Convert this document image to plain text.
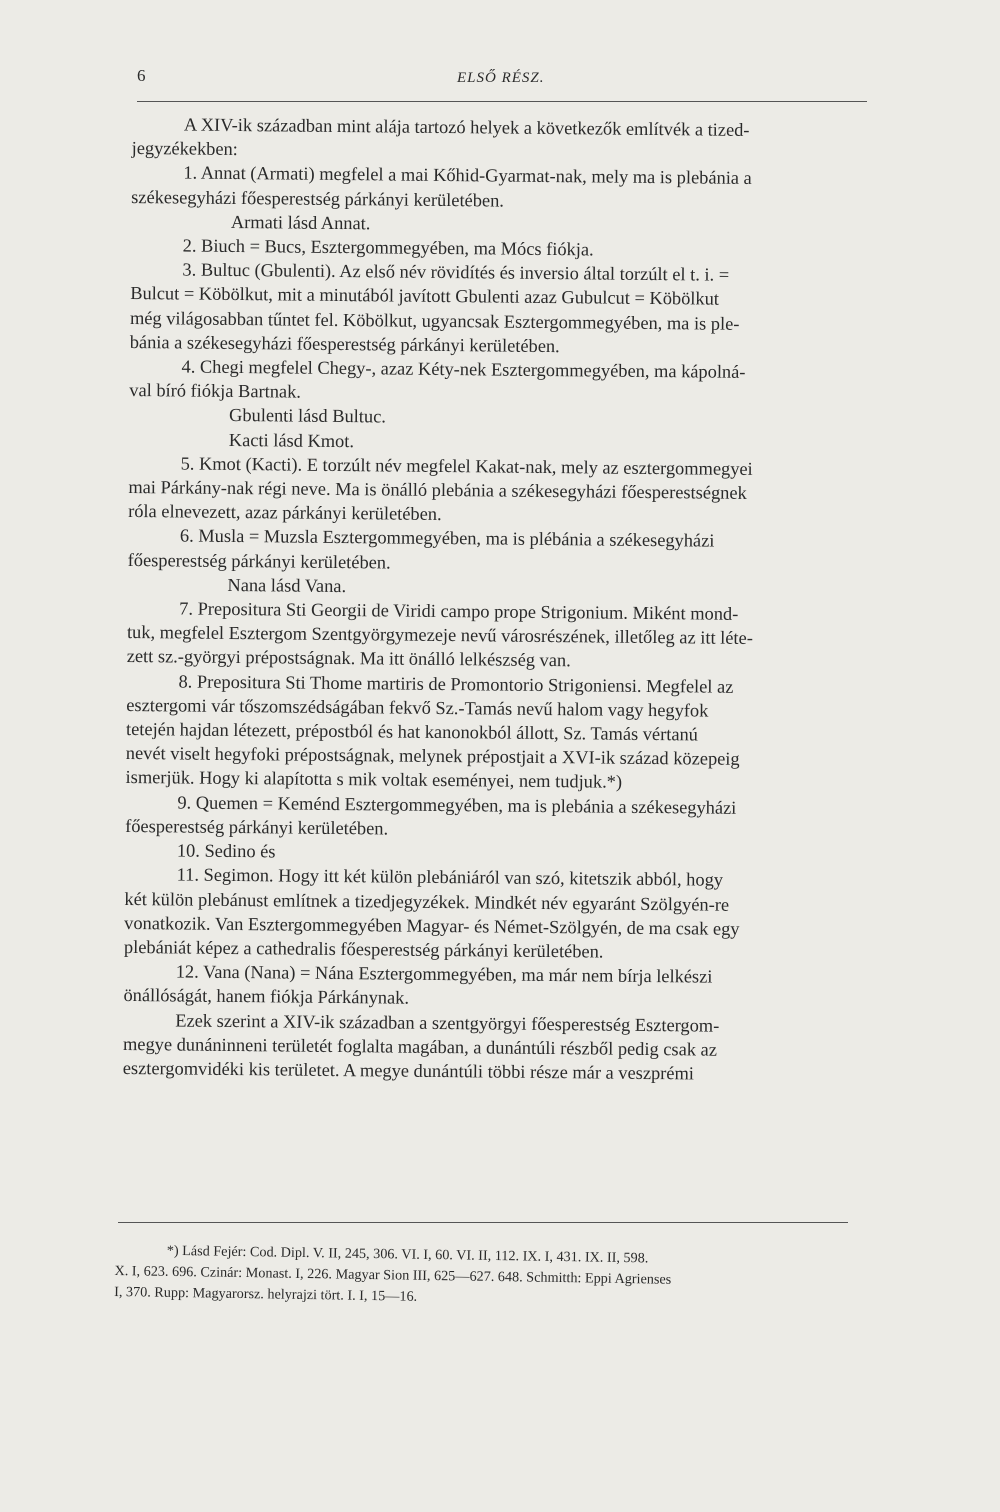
6	ELSŐ RÉSZ.

A XIV-ik században mint alája tartozó helyek a következők említvék a tized-
jegyzékekben:

1. Annat (Armati) megfelel a mai Kőhid-Gyarmat-nak, mely ma is plebánia a
székesegyházi főesperestség párkányi kerületében.

Armati lásd Annat.

2. Biuch = Bucs, Esztergommegyében, ma Mócs fiókja.

3. Bultuc (Gbulenti). Az első név rövidítés és inversio által torzúlt el t. i. =
Bulcut = Köbölkut, mit a minutából javított Gbulenti azaz Gubulcut = Köbölkut
még világosabban tűntet fel. Köbölkut, ugyancsak Esztergommegyében, ma is ple-
bánia a székesegyházi főesperestség párkányi kerületében.

4. Chegi megfelel Chegy-, azaz Kéty-nek Esztergommegyében, ma kápolná-
val bíró fiókja Bartnak.

Gbulenti lásd Bultuc.

Kacti lásd Kmot.

5. Kmot (Kacti). E torzúlt név megfelel Kakat-nak, mely az esztergommegyei
mai Párkány-nak régi neve. Ma is önálló plebánia a székesegyházi főesperestségnek
róla elnevezett, azaz párkányi kerületében.

6. Musla = Muzsla Esztergommegyében, ma is plébánia a székesegyházi
főesperestség párkányi kerületében.

Nana lásd Vana.

7. Prepositura Sti Georgii de Viridi campo prope Strigonium. Miként mond-
tuk, megfelel Esztergom Szentgyörgymezeje nevű városrészének, illetőleg az itt léte-
zett sz.-györgyi prépostságnak. Ma itt önálló lelkészség van.

8. Prepositura Sti Thome martiris de Promontorio Strigoniensi. Megfelel az
esztergomi vár tőszomszédságában fekvő Sz.-Tamás nevű halom vagy hegyfok
tetején hajdan létezett, prépostból és hat kanonokból állott, Sz. Tamás vértanú
nevét viselt hegyfoki prépostságnak, melynek prépostjait a XVI-ik század közepeig
ismerjük. Hogy ki alapította s mik voltak eseményei, nem tudjuk.*)

9. Quemen = Keménd Esztergommegyében, ma is plebánia a székesegyházi
főesperestség párkányi kerületében.

10. Sedino és

11. Segimon. Hogy itt két külön plebániáról van szó, kitetszik abból, hogy
két külön plebánust említnek a tizedjegyzékek. Mindkét név egyaránt Szölgyén-re
vonatkozik. Van Esztergommegyében Magyar- és Német-Szölgyén, de ma csak egy
plebániát képez a cathedralis főesperestség párkányi kerületében.

12. Vana (Nana) = Nána Esztergommegyében, ma már nem bírja lelkészi
önállóságát, hanem fiókja Párkánynak.

Ezek szerint a XIV-ik században a szentgyörgyi főesperestség Esztergom-
megye dunáninneni területét foglalta magában, a dunántúli részből pedig csak az
esztergomvidéki kis területet. A megye dunántúli többi része már a veszprémi

*) Lásd Fejér: Cod. Dipl. V. II, 245, 306. VI. I, 60. VI. II, 112. IX. I, 431. IX. II, 598.
X. I, 623. 696. Czinár: Monast. I, 226. Magyar Sion III, 625—627. 648. Schmitth: Eppi Agrienses
I, 370. Rupp: Magyarorsz. helyrajzi tört. I. I, 15—16.
